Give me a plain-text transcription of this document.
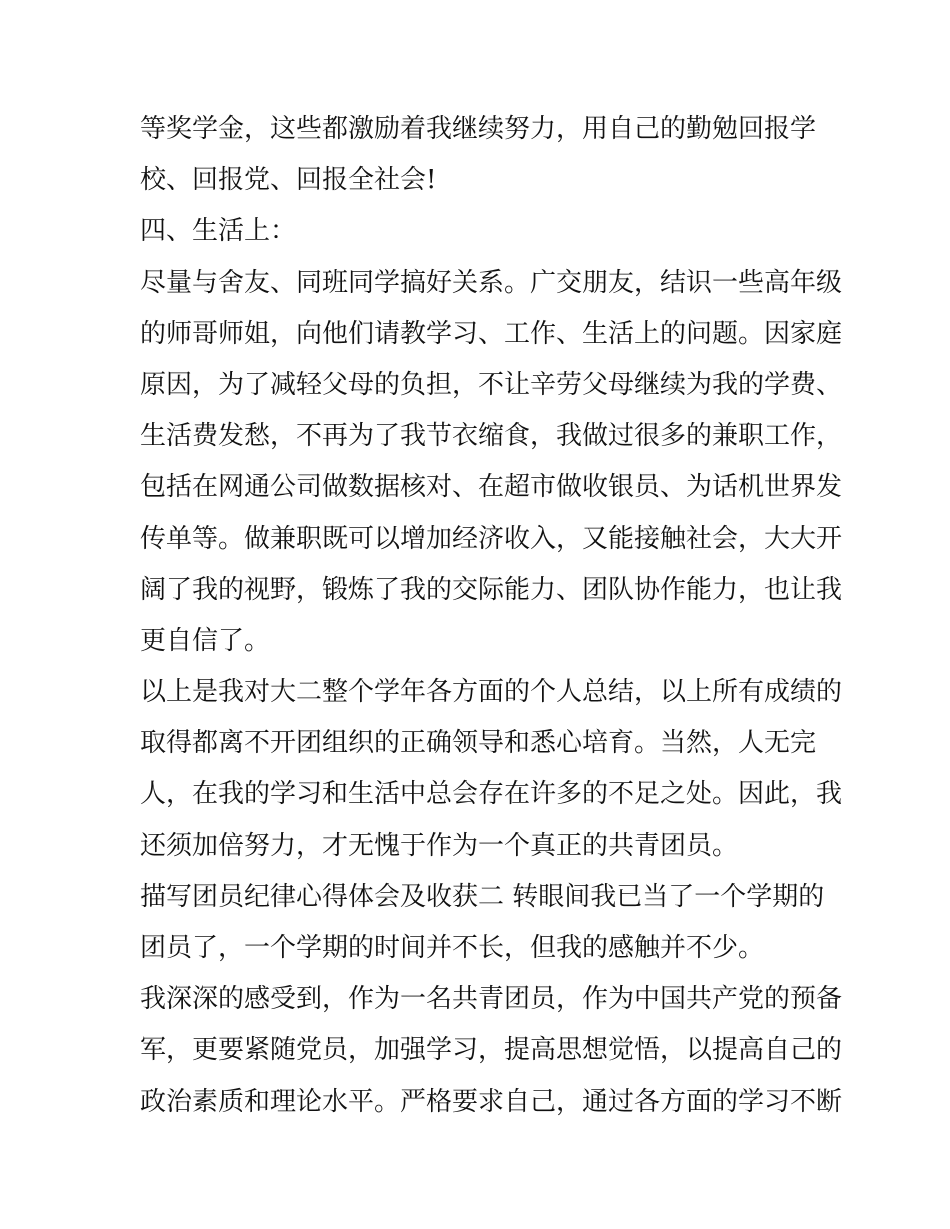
等奖学金，这些都激励着我继续努力，用自己的勤勉回报学
校、回报党、回报全社会!
四、生活上：
尽量与舍友、同班同学搞好关系。广交朋友，结识一些高年级
的师哥师姐，向他们请教学习、工作、生活上的问题。因家庭
原因，为了减轻父母的负担，不让辛劳父母继续为我的学费、
生活费发愁，不再为了我节衣缩食，我做过很多的兼职工作，
包括在网通公司做数据核对、在超市做收银员、为话机世界发
传单等。做兼职既可以增加经济收入，又能接触社会，大大开
阔了我的视野，锻炼了我的交际能力、团队协作能力，也让我
更自信了。
以上是我对大二整个学年各方面的个人总结，以上所有成绩的
取得都离不开团组织的正确领导和悉心培育。当然，人无完
人，在我的学习和生活中总会存在许多的不足之处。因此，我
还须加倍努力，才无愧于作为一个真正的共青团员。
描写团员纪律心得体会及收获二 转眼间我已当了一个学期的
团员了，一个学期的时间并不长，但我的感触并不少。
我深深的感受到，作为一名共青团员，作为中国共产党的预备
军，更要紧随党员，加强学习，提高思想觉悟，以提高自己的
政治素质和理论水平。严格要求自己，通过各方面的学习不断
